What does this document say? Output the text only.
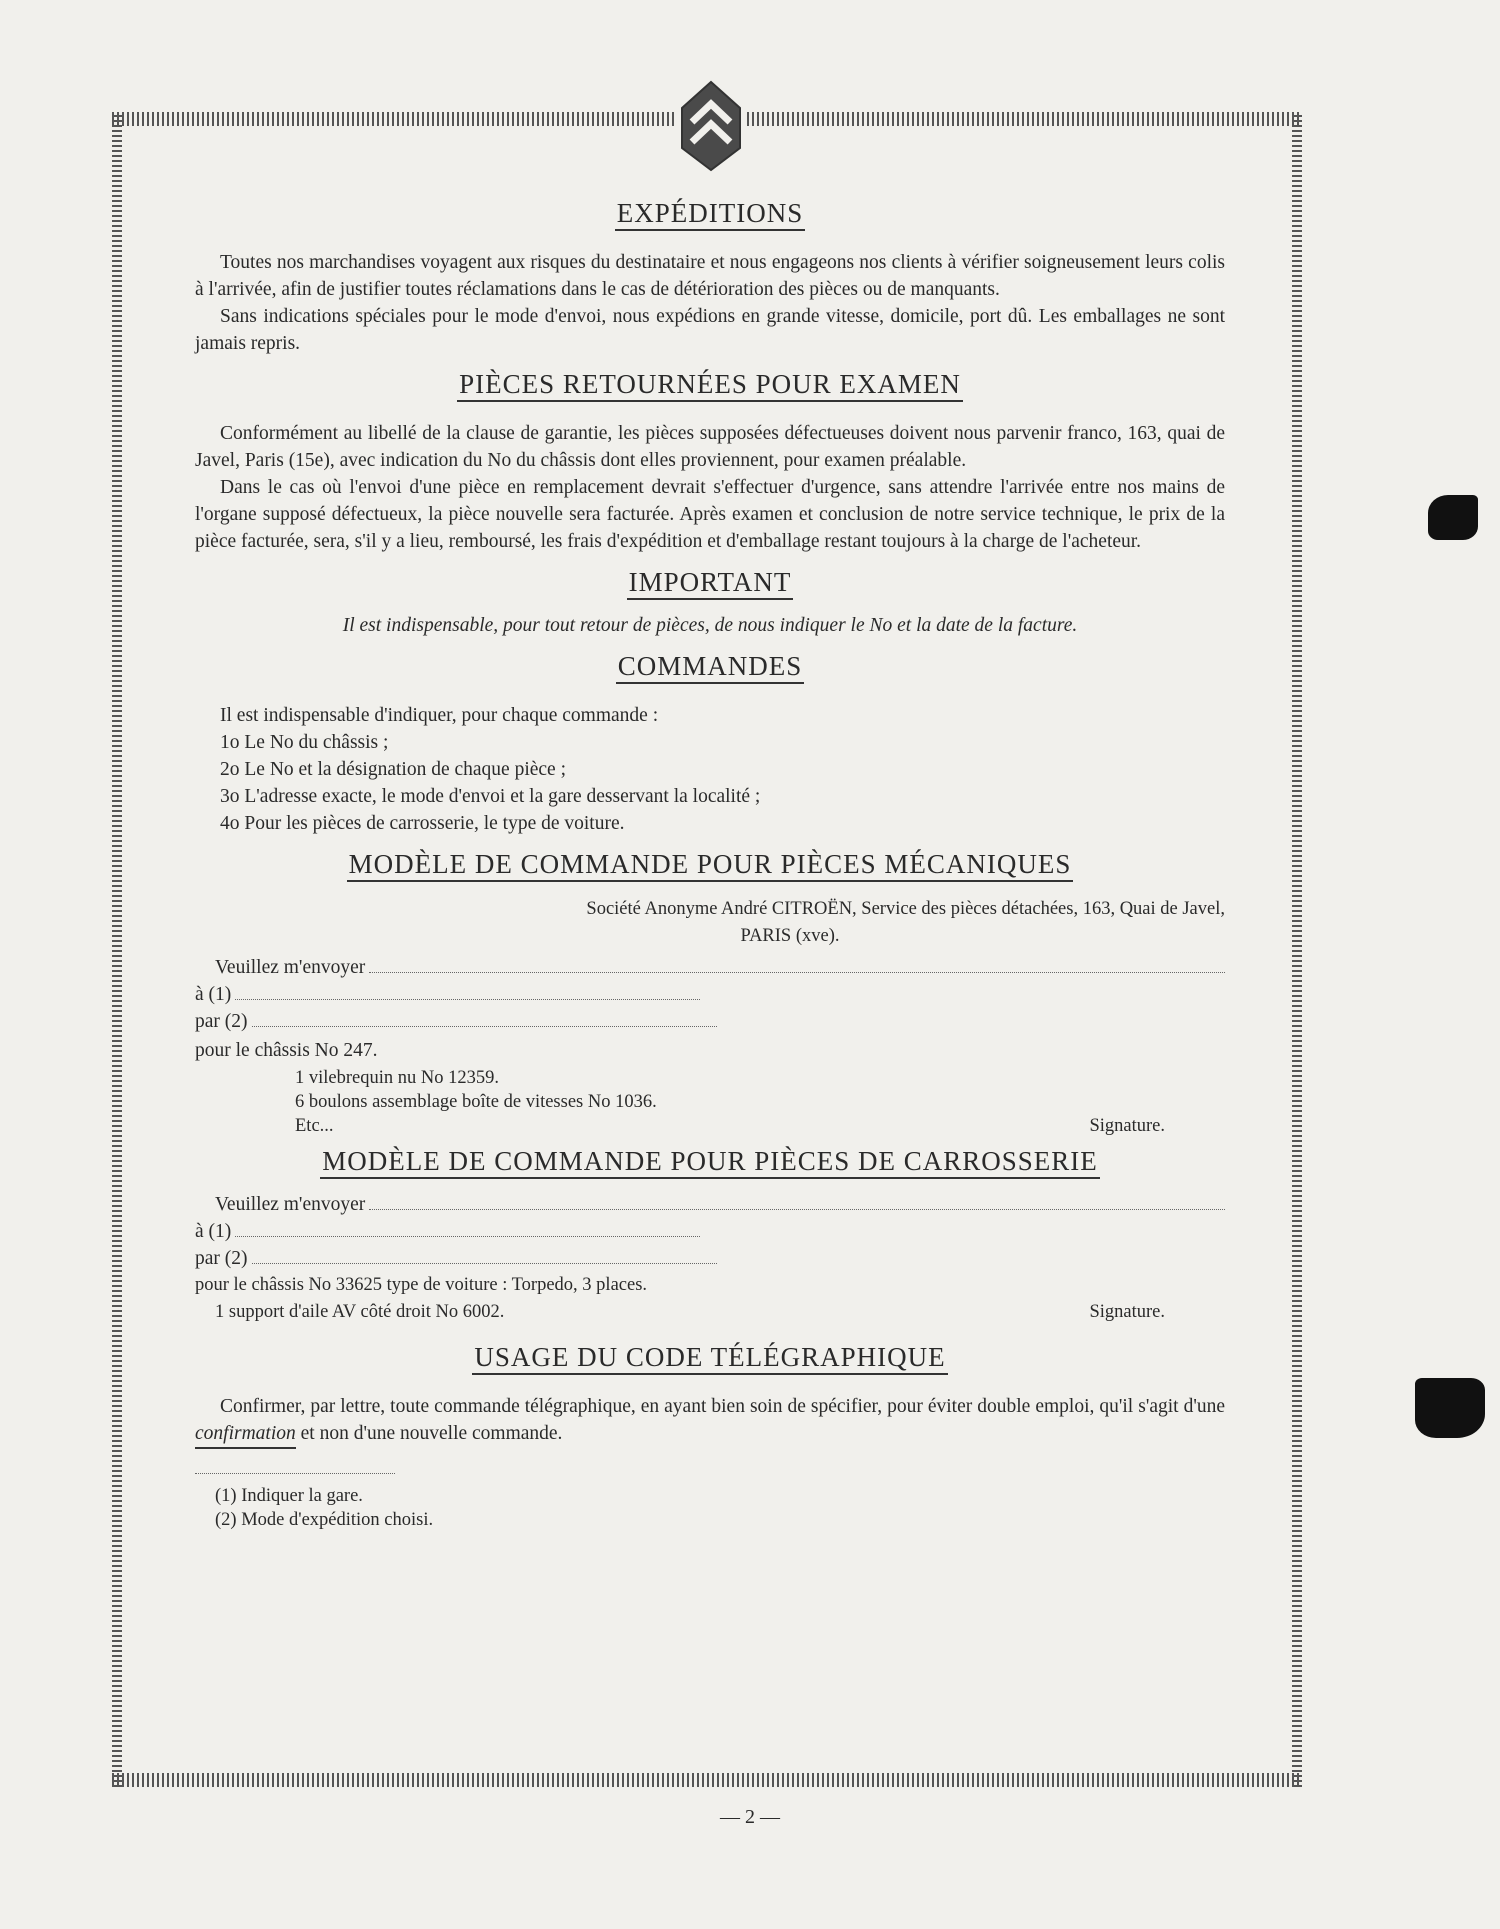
EXPÉDITIONS

Toutes nos marchandises voyagent aux risques du destinataire et nous engageons nos clients à vérifier soigneusement leurs colis à l'arrivée, afin de justifier toutes réclamations dans le cas de détérioration des pièces ou de manquants.

Sans indications spéciales pour le mode d'envoi, nous expédions en grande vitesse, domicile, port dû. Les emballages ne sont jamais repris.

PIÈCES RETOURNÉES POUR EXAMEN

Conformément au libellé de la clause de garantie, les pièces supposées défectueuses doivent nous parvenir franco, 163, quai de Javel, Paris (15e), avec indication du No du châssis dont elles proviennent, pour examen préalable.

Dans le cas où l'envoi d'une pièce en remplacement devrait s'effectuer d'urgence, sans attendre l'arrivée entre nos mains de l'organe supposé défectueux, la pièce nouvelle sera facturée. Après examen et conclusion de notre service technique, le prix de la pièce facturée, sera, s'il y a lieu, remboursé, les frais d'expédition et d'emballage restant toujours à la charge de l'acheteur.

IMPORTANT

Il est indispensable, pour tout retour de pièces, de nous indiquer le No et la date de la facture.

COMMANDES

Il est indispensable d'indiquer, pour chaque commande :

1o Le No du châssis ;

2o Le No et la désignation de chaque pièce ;

3o L'adresse exacte, le mode d'envoi et la gare desservant la localité ;

4o Pour les pièces de carrosserie, le type de voiture.

MODÈLE DE COMMANDE POUR PIÈCES MÉCANIQUES

Société Anonyme André CITROËN, Service des pièces détachées, 163, Quai de Javel,

PARIS (xve).

Veuillez m'envoyer
à (1)
par (2)

pour le châssis No 247.

1 vilebrequin nu No 12359.

6 boulons assemblage boîte de vitesses No 1036.

Etc...	Signature.
MODÈLE DE COMMANDE POUR PIÈCES DE CARROSSERIE
Veuillez m'envoyer
à (1)
par (2)

pour le châssis No 33625 type de voiture : Torpedo, 3 places.

1 support d'aile AV côté droit No 6002.	Signature.
USAGE DU CODE TÉLÉGRAPHIQUE

Confirmer, par lettre, toute commande télégraphique, en ayant bien soin de spécifier, pour éviter double emploi, qu'il s'agit d'une confirmation et non d'une nouvelle commande.

(1) Indiquer la gare.

(2) Mode d'expédition choisi.

— 2 —
